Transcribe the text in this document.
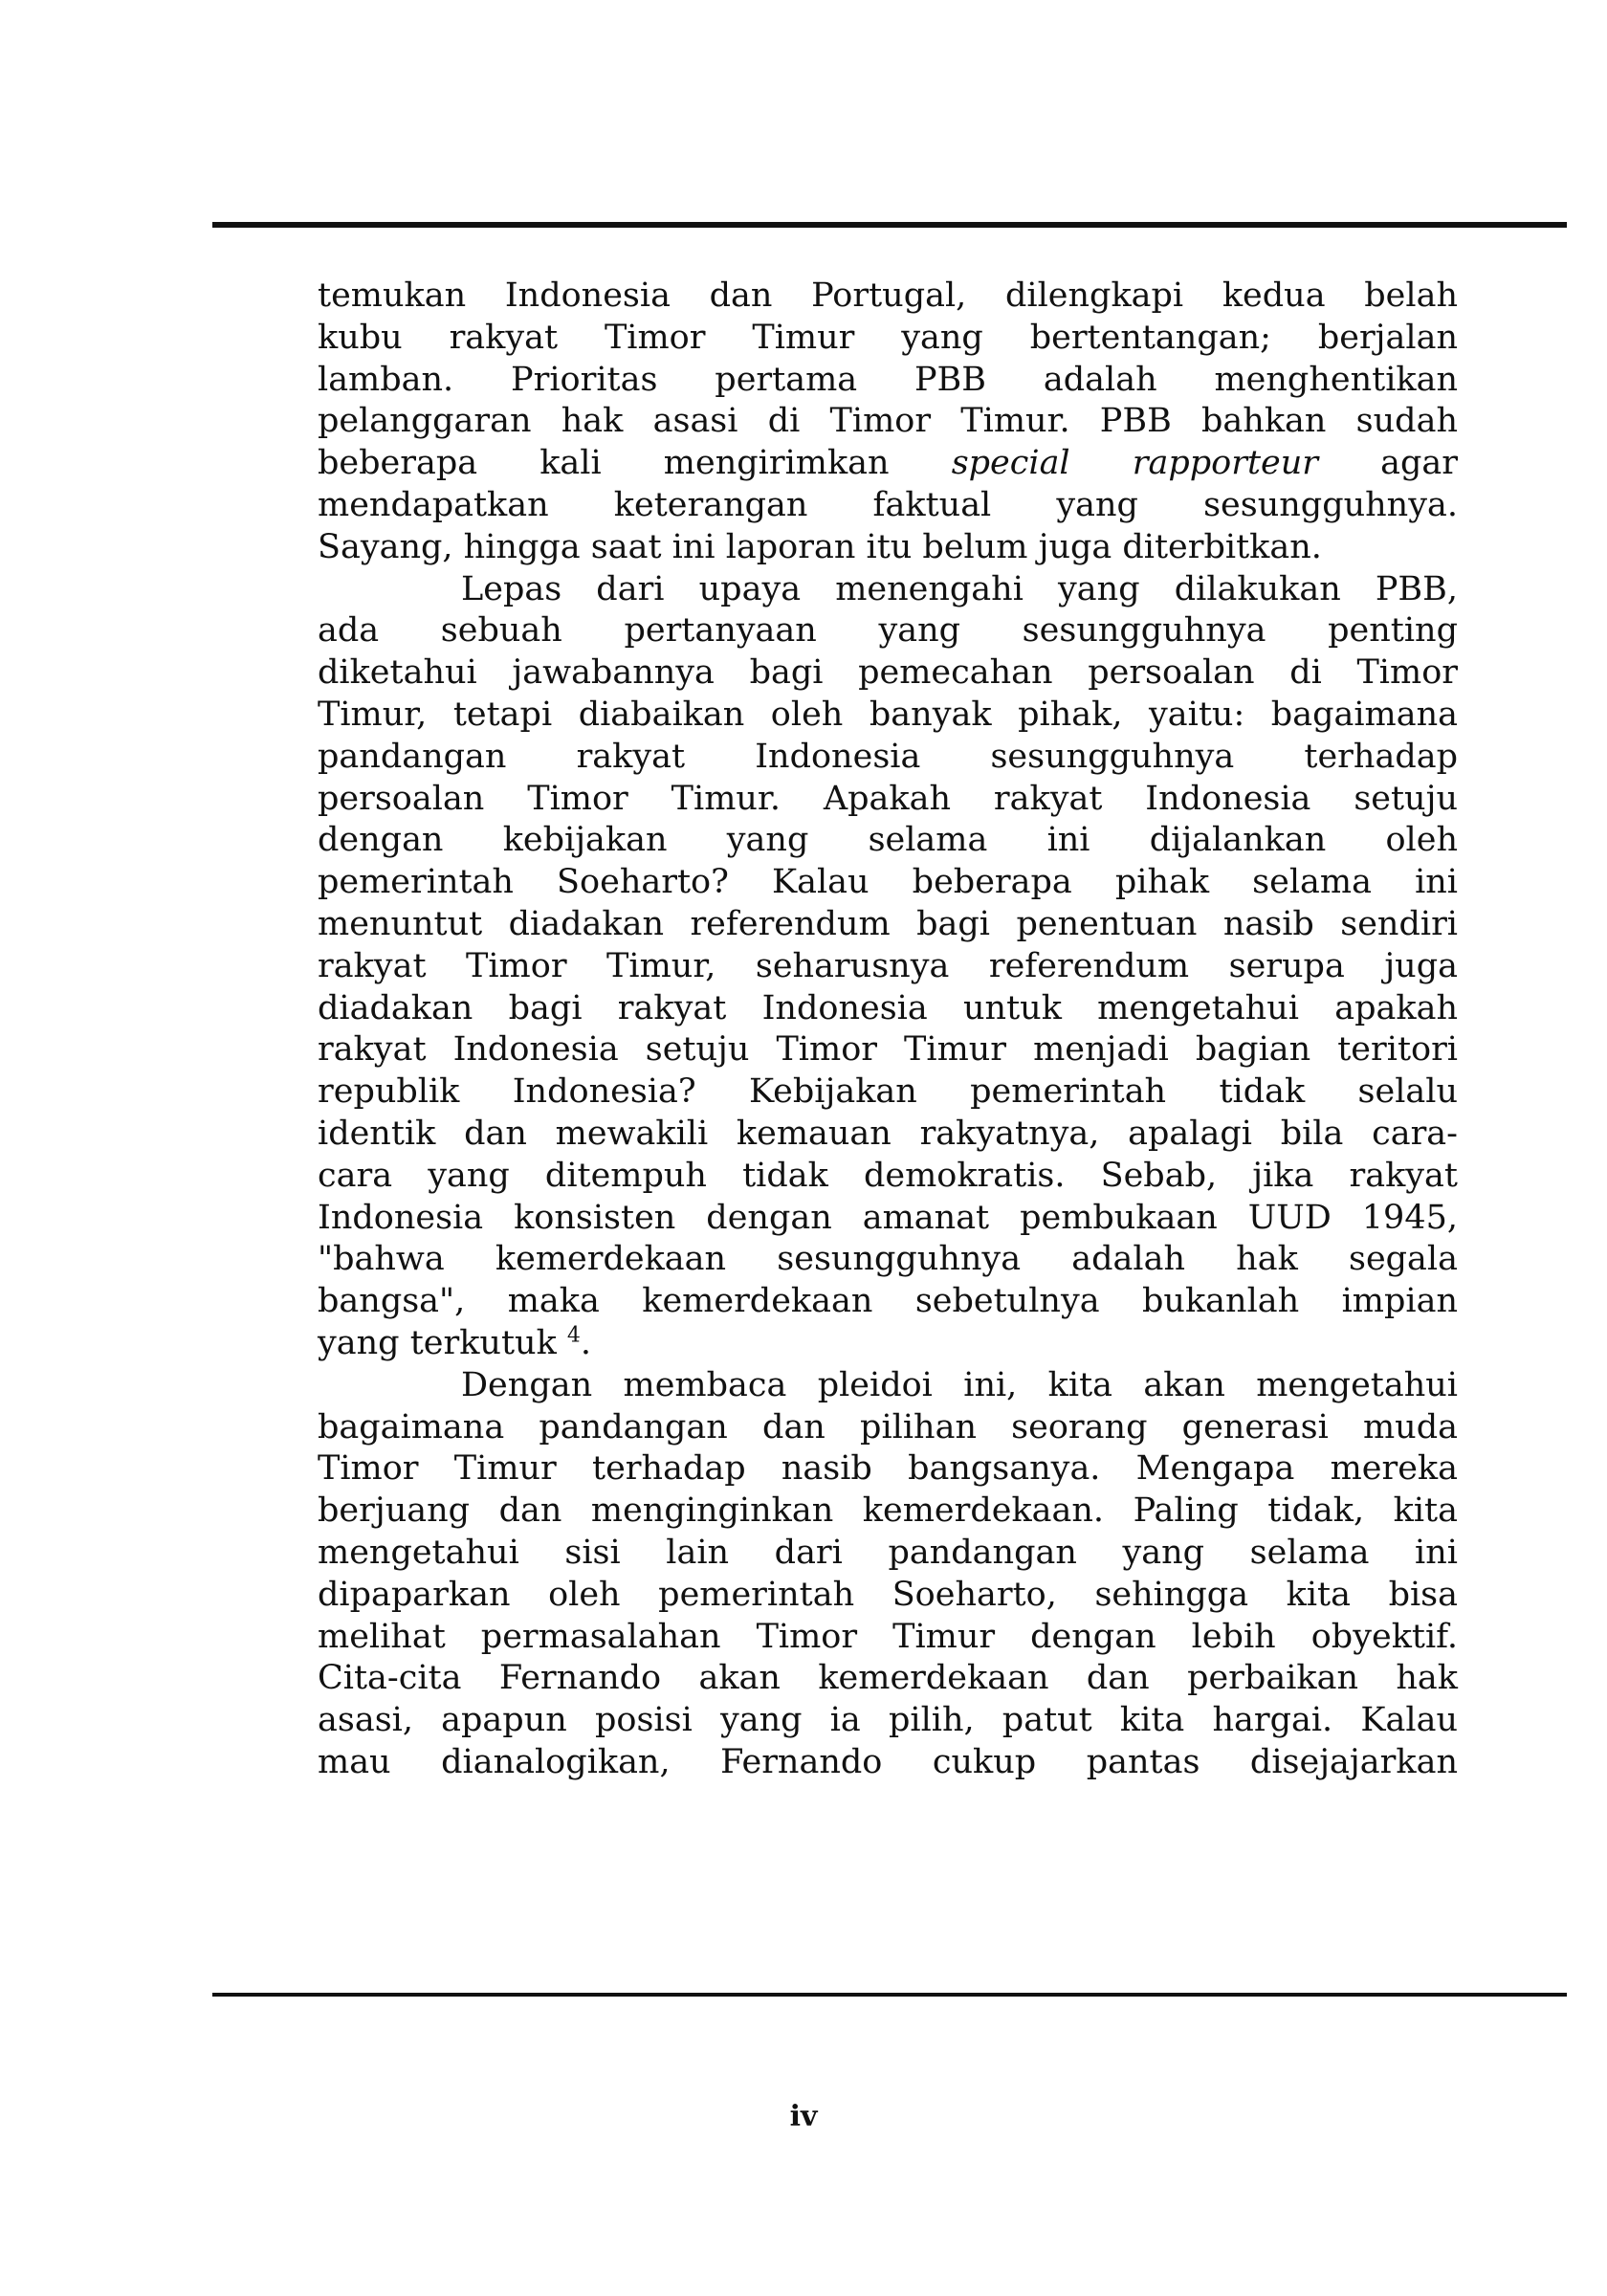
temukan Indonesia dan Portugal, dilengkapi kedua belah
kubu rakyat Timor Timur yang bertentangan; berjalan
lamban. Prioritas pertama PBB adalah menghentikan
pelanggaran hak asasi di Timor Timur. PBB bahkan sudah
beberapa kali mengirimkan special rapporteur agar
mendapatkan keterangan faktual yang sesungguhnya.
Sayang, hingga saat ini laporan itu belum juga diterbitkan.
Lepas dari upaya menengahi yang dilakukan PBB,
ada sebuah pertanyaan yang sesungguhnya penting
diketahui jawabannya bagi pemecahan persoalan di Timor
Timur, tetapi diabaikan oleh banyak pihak, yaitu: bagaimana
pandangan rakyat Indonesia sesungguhnya terhadap
persoalan Timor Timur. Apakah rakyat Indonesia setuju
dengan kebijakan yang selama ini dijalankan oleh
pemerintah Soeharto? Kalau beberapa pihak selama ini
menuntut diadakan referendum bagi penentuan nasib sendiri
rakyat Timor Timur, seharusnya referendum serupa juga
diadakan bagi rakyat Indonesia untuk mengetahui apakah
rakyat Indonesia setuju Timor Timur menjadi bagian teritori
republik Indonesia? Kebijakan pemerintah tidak selalu
identik dan mewakili kemauan rakyatnya, apalagi bila cara-
cara yang ditempuh tidak demokratis. Sebab, jika rakyat
Indonesia konsisten dengan amanat pembukaan UUD 1945,
"bahwa kemerdekaan sesungguhnya adalah hak segala
bangsa", maka kemerdekaan sebetulnya bukanlah impian
yang terkutuk $^4$.
Dengan membaca pleidoi ini, kita akan mengetahui
bagaimana pandangan dan pilihan seorang generasi muda
Timor Timur terhadap nasib bangsanya. Mengapa mereka
berjuang dan menginginkan kemerdekaan. Paling tidak, kita
mengetahui sisi lain dari pandangan yang selama ini
dipaparkan oleh pemerintah Soeharto, sehingga kita bisa
melihat permasalahan Timor Timur dengan lebih obyektif.
Cita-cita Fernando akan kemerdekaan dan perbaikan hak
asasi, apapun posisi yang ia pilih, patut kita hargai. Kalau
mau dianalogikan, Fernando cukup pantas disejajarkan
iv
